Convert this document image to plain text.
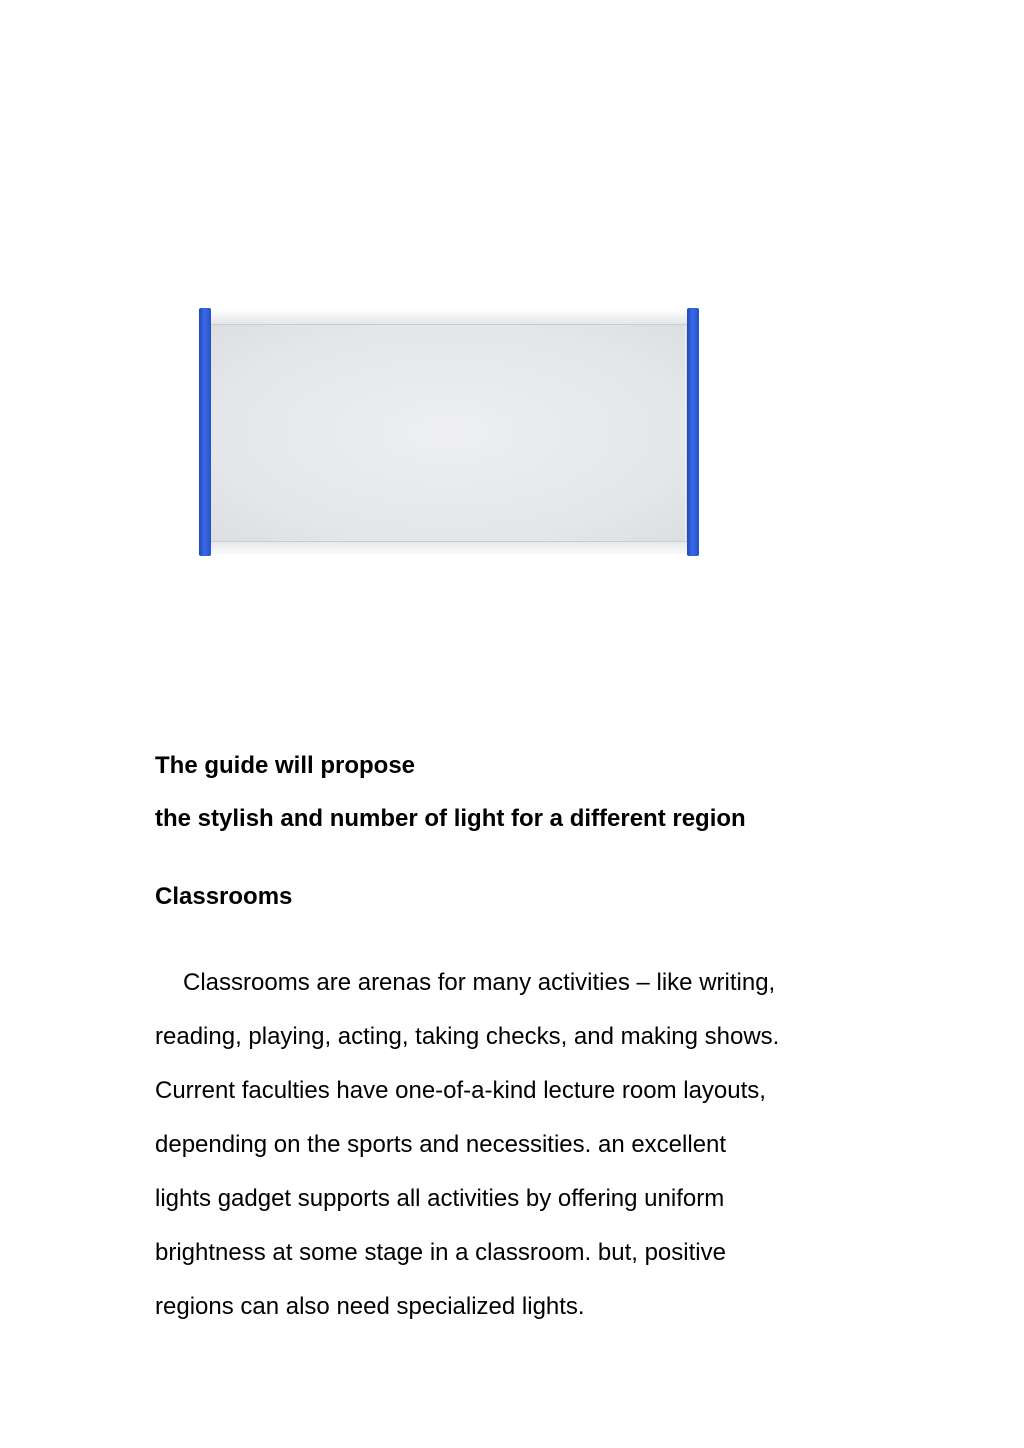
The guide will propose
the stylish and number of light for a different region
Classrooms

Classrooms are arenas for many activities – like writing,
reading, playing, acting, taking checks, and making shows.
Current faculties have one-of-a-kind lecture room layouts,
depending on the sports and necessities. an excellent
lights gadget supports all activities by offering uniform
brightness at some stage in a classroom. but, positive
regions can also need specialized lights.
